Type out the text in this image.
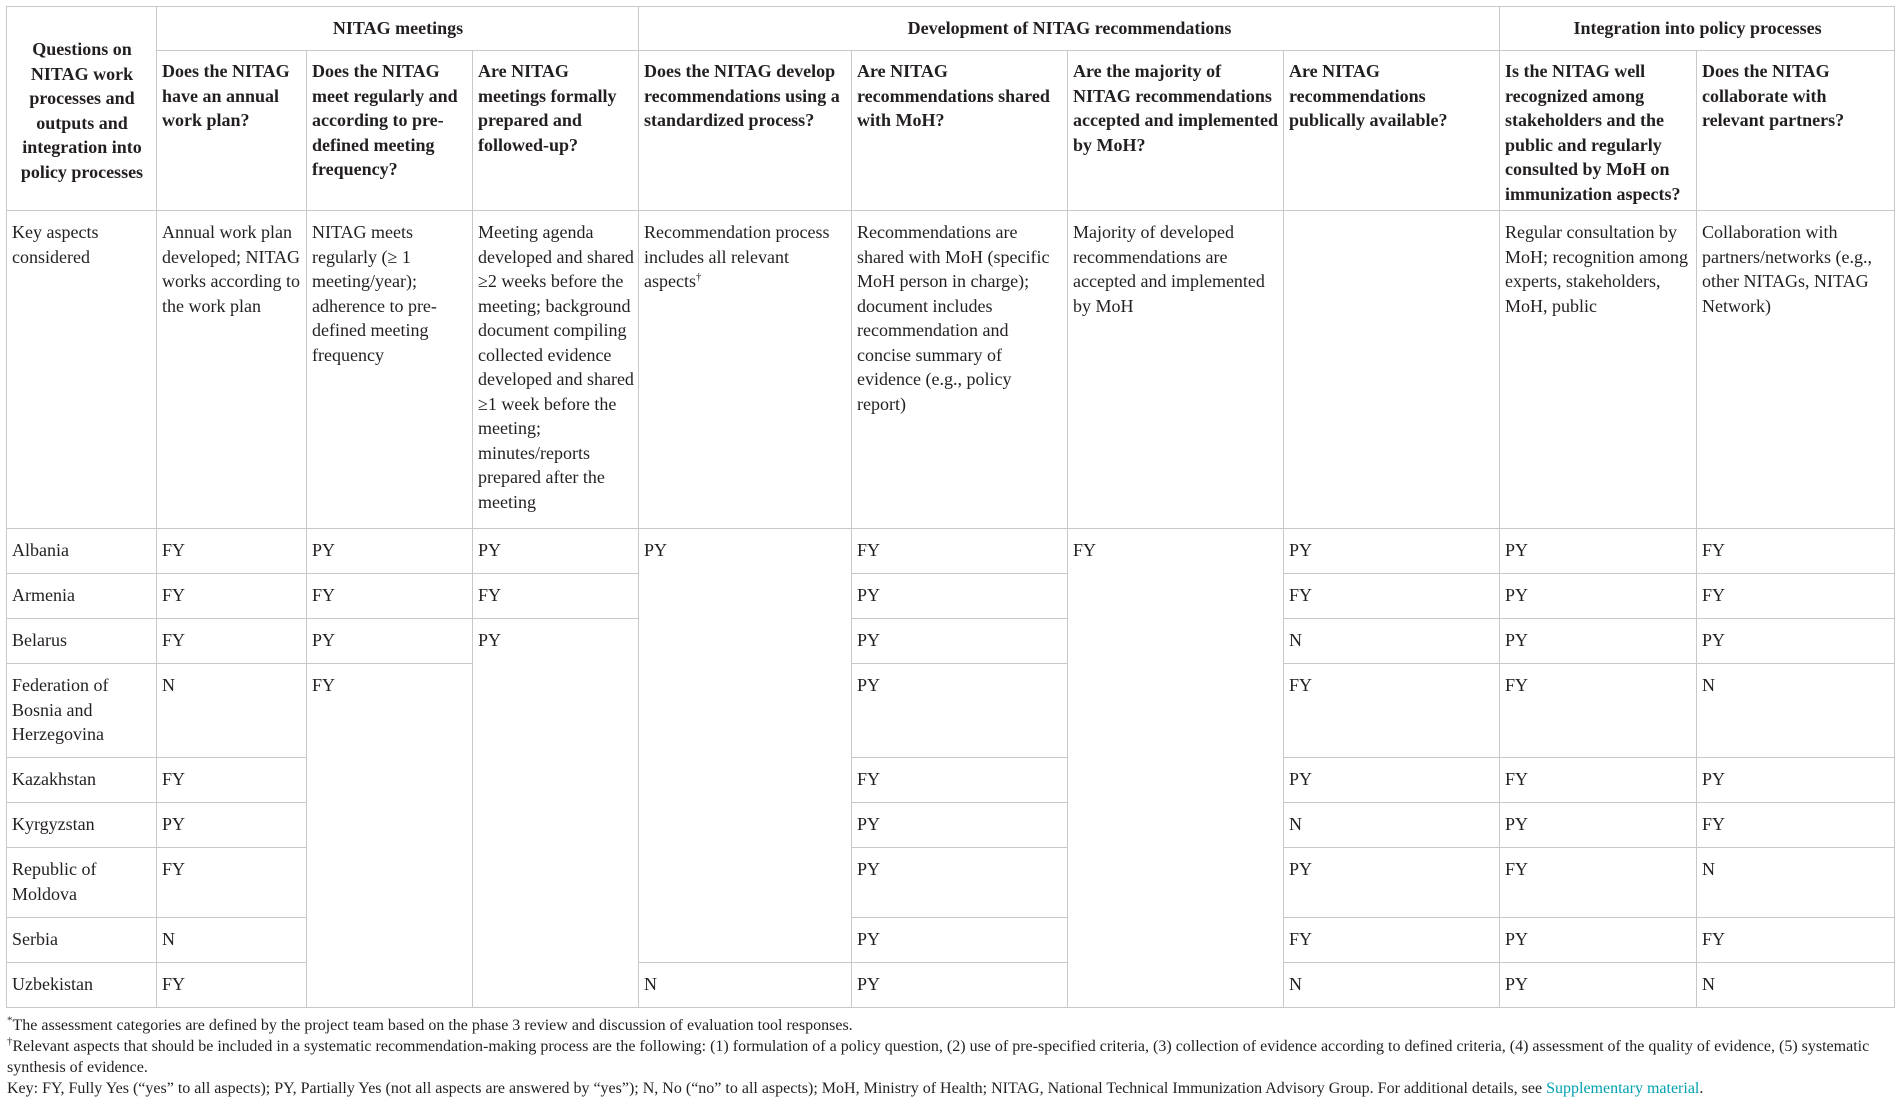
Questions on NITAG work processes and outputs and integration into policy processes	NITAG meetings			Development of NITAG recommendations				Integration into policy processes	
	Does the NITAG have an annual work plan?	Does the NITAG meet regularly and according to pre-defined meeting frequency?	Are NITAG meetings formally prepared and followed-up?	Does the NITAG develop recommendations using a standardized process?	Are NITAG recommendations shared with MoH?	Are the majority of NITAG recommendations accepted and implemented by MoH?	Are NITAG recommendations publically available?	Is the NITAG well recognized among stakeholders and the public and regularly consulted by MoH on immunization aspects?	Does the NITAG collaborate with relevant partners?
Key aspects considered	Annual work plan developed; NITAG works according to the work plan	NITAG meets regularly (≥ 1 meeting/year); adherence to pre-defined meeting frequency	Meeting agenda developed and shared ≥2 weeks before the meeting; background document compiling collected evidence developed and shared ≥1 week before the meeting; minutes/reports prepared after the meeting	Recommendation process includes all relevant aspects†	Recommendations are shared with MoH (specific MoH person in charge); document includes recommendation and concise summary of evidence (e.g., policy report)	Majority of developed recommendations are accepted and implemented by MoH		Regular consultation by MoH; recognition among experts, stakeholders, MoH, public	Collaboration with partners/networks (e.g., other NITAGs, NITAG Network)
Albania	FY	PY	PY	PY	FY	FY	PY	PY	FY
Armenia	FY	FY	FY		PY		FY	PY	FY
Belarus	FY	PY	PY		PY		N	PY	PY
Federation of Bosnia and Herzegovina	N	FY			PY		FY	FY	N
Kazakhstan	FY				FY		PY	FY	PY
Kyrgyzstan	PY				PY		N	PY	FY
Republic of Moldova	FY				PY		PY	FY	N
Serbia	N				PY		FY	PY	FY
Uzbekistan	FY			N	PY		N	PY	N

*The assessment categories are defined by the project team based on the phase 3 review and discussion of evaluation tool responses.

†Relevant aspects that should be included in a systematic recommendation-making process are the following: (1) formulation of a policy question, (2) use of pre-specified criteria, (3) collection of evidence according to defined criteria, (4) assessment of the quality of evidence, (5) systematic synthesis of evidence.

Key: FY, Fully Yes (“yes” to all aspects); PY, Partially Yes (not all aspects are answered by “yes”); N, No (“no” to all aspects); MoH, Ministry of Health; NITAG, National Technical Immunization Advisory Group. For additional details, see Supplementary material.
